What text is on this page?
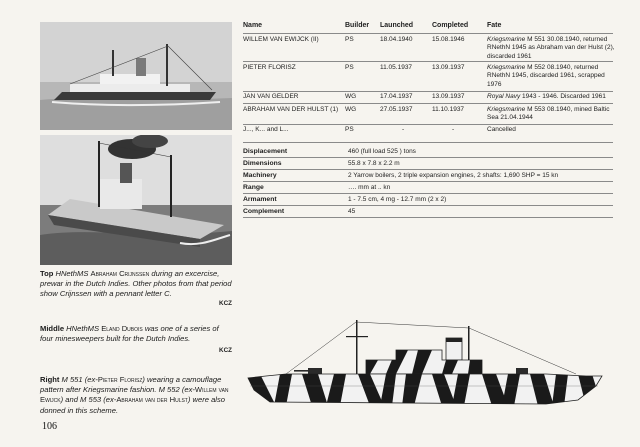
Top HNethMS Abraham Crijnssen during an excercise, prewar in the Dutch Indies. Other photos from that period show Crijnssen with a pennant letter C.
KCZ
Middle HNethMS Eland Dubois was one of a series of four minesweepers built for the Dutch Indies.
KCZ
Right M 551 (ex-Pieter Florisz) wearing a camouflage pattern after Kriegsmarine fashion. M 552 (ex-Willem van Ewijck) and M 553 (ex-Abraham van der Hulst) were also donned in this scheme.
106
Name	Builder	Launched	Completed	Fate
WILLEM VAN EWIJCK (II)	PS	18.04.1940	15.08.1946	Kriegsmarine M 551 30.08.1940, returned RNethN 1945 as Abraham van der Hulst (2), discarded 1961
PIETER FLORISZ	PS	11.05.1937	13.09.1937	Kriegsmarine M 552 08.1940, returned RNethN 1945, discarded 1961, scrapped 1976
JAN VAN GELDER	WG	17.04.1937	13.09.1937	Royal Navy 1943 - 1946. Discarded 1961
ABRAHAM VAN DER HULST (1)	WG	27.05.1937	11.10.1937	Kriegsmarine M 553 08.1940, mined Baltic Sea 21.04.1944
J..., K... and L...	PS	-	-	Cancelled
Displacement	460 (full load 525 ) tons
Dimensions	55.8 x 7.8 x 2.2 m
Machinery	2 Yarrow boilers, 2 triple expansion engines, 2 shafts: 1,690 SHP = 15 kn
Range	…. mm at .. kn
Armament	1 - 7.5 cm, 4 mg - 12.7 mm (2 x 2)
Complement	45
